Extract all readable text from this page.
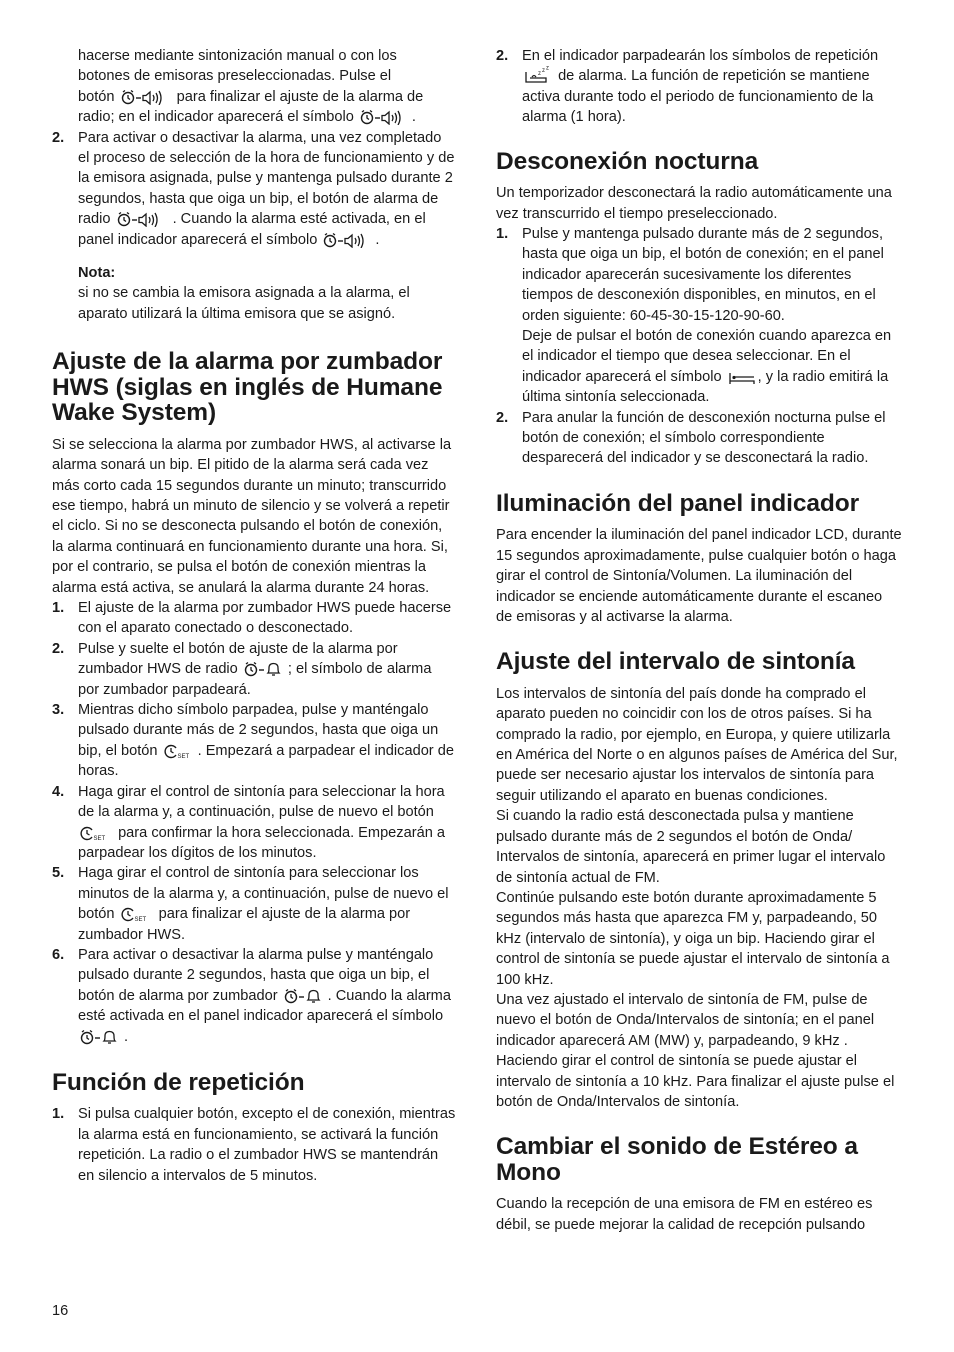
hacerse mediante sintonización manual o con los
botones de emisoras preseleccionadas. Pulse el
botón	para finalizar el ajuste de la alarma de
radio; en el indicador aparecerá el símbolo	.

2. Para activar o desactivar la alarma, una vez completado el proceso de selección de la hora de funcionamiento y de la emisora asignada, pulse y mantenga pulsado durante 2 segundos, hasta que oiga un bip, el botón de alarma de radio	. Cuando la alarma esté activada, en el panel indicador aparecerá el símbolo	.

Nota:

si no se cambia la emisora asignada a la alarma, el aparato utilizará la última emisora que se asignó.

Ajuste de la alarma por zumbador HWS (siglas en inglés de Humane Wake System)

Si se selecciona la alarma por zumbador HWS, al activarse la alarma sonará un bip. El pitido de la alarma será cada vez más corto cada 15 segundos durante un minuto; transcurrido ese tiempo, habrá un minuto de silencio y se volverá a repetir el ciclo. Si no se desconecta pulsando el botón de conexión, la alarma continuará en funcionamiento durante una hora. Si, por el contrario, se pulsa el botón de conexión mientras la alarma está activa, se anulará la alarma durante 24 horas.

1. El ajuste de la alarma por zumbador HWS puede hacerse con el aparato conectado o desconectado.
2. Pulse y suelte el botón de ajuste de la alarma por zumbador HWS de radio	; el símbolo de alarma por zumbador parpadeará.
3. Mientras dicho símbolo parpadea, pulse y manténgalo pulsado durante más de 2 segundos, hasta que oiga un bip, el botón	SET . Empezará a parpadear el indicador de horas.
4. Haga girar el control de sintonía para seleccionar la hora de la alarma y, a continuación, pulse de nuevo el botón
SET para confirmar la hora seleccionada. Empezarán a parpadear los dígitos de los minutos.
5. Haga girar el control de sintonía para seleccionar los minutos de la alarma y, a continuación, pulse de nuevo el botón	SET para finalizar el ajuste de la alarma por zumbador HWS.
6. Para activar o desactivar la alarma pulse y manténgalo pulsado durante 2 segundos, hasta que oiga un bip, el botón de alarma por zumbador	. Cuando la alarma esté activada en el panel indicador aparecerá el símbolo
.
Función de repetición
1. Si pulsa cualquier botón, excepto el de conexión, mientras la alarma está en funcionamiento, se activará la función repetición. La radio o el zumbador HWS se mantendrán en silencio a intervalos de 5 minutos.
2. En el indicador parpadearán los símbolos de repetición
z z z de alarma. La función de repetición se mantiene activa durante todo el periodo de funcionamiento de la alarma (1 hora).
Desconexión nocturna

Un temporizador desconectará la radio automáticamente una vez transcurrido el tiempo preseleccionado.

1. Pulse y mantenga pulsado durante más de 2 segundos, hasta que oiga un bip, el botón de conexión; en el panel indicador aparecerán sucesivamente los diferentes tiempos de desconexión disponibles, en minutos, en el orden siguiente: 60-45-30-15-120-90-60.
Deje de pulsar el botón de conexión cuando aparezca en el indicador el tiempo que desea seleccionar. En el indicador aparecerá el símbolo , y la radio emitirá la última sintonía seleccionada.
2. Para anular la función de desconexión nocturna pulse el botón de conexión; el símbolo correspondiente desparecerá del indicador y se desconectará la radio.
Iluminación del panel indicador

Para encender la iluminación del panel indicador LCD, durante 15 segundos aproximadamente, pulse cualquier botón o haga girar el control de Sintonía/Volumen. La iluminación del indicador se enciende automáticamente durante el escaneo de emisoras y al activarse la alarma.

Ajuste del intervalo de sintonía

Los intervalos de sintonía del país donde ha comprado el aparato pueden no coincidir con los de otros países. Si ha comprado la radio, por ejemplo, en Europa, y quiere utilizarla en América del Norte o en algunos países de América del Sur, puede ser necesario ajustar los intervalos de sintonía para seguir utilizando el aparato en buenas condiciones.

Si cuando la radio está desconectada pulsa y mantiene pulsado durante más de 2 segundos el botón de Onda/ Intervalos de sintonía, aparecerá en primer lugar el intervalo de sintonía actual de FM.

Continúe pulsando este botón durante aproximadamente 5 segundos más hasta que aparezca FM y, parpadeando, 50 kHz (intervalo de sintonía), y oiga un bip. Haciendo girar el control de sintonía se puede ajustar el intervalo de sintonía a 100 kHz.

Una vez ajustado el intervalo de sintonía de FM, pulse de nuevo el botón de Onda/Intervalos de sintonía; en el panel indicador aparecerá AM (MW) y, parpadeando, 9 kHz . Haciendo girar el control de sintonía se puede ajustar el intervalo de sintonía a 10 kHz. Para finalizar el ajuste pulse el botón de Onda/Intervalos de sintonía.

Cambiar el sonido de Estéreo a Mono

Cuando la recepción de una emisora de FM en estéreo es débil, se puede mejorar la calidad de recepción pulsando

16
